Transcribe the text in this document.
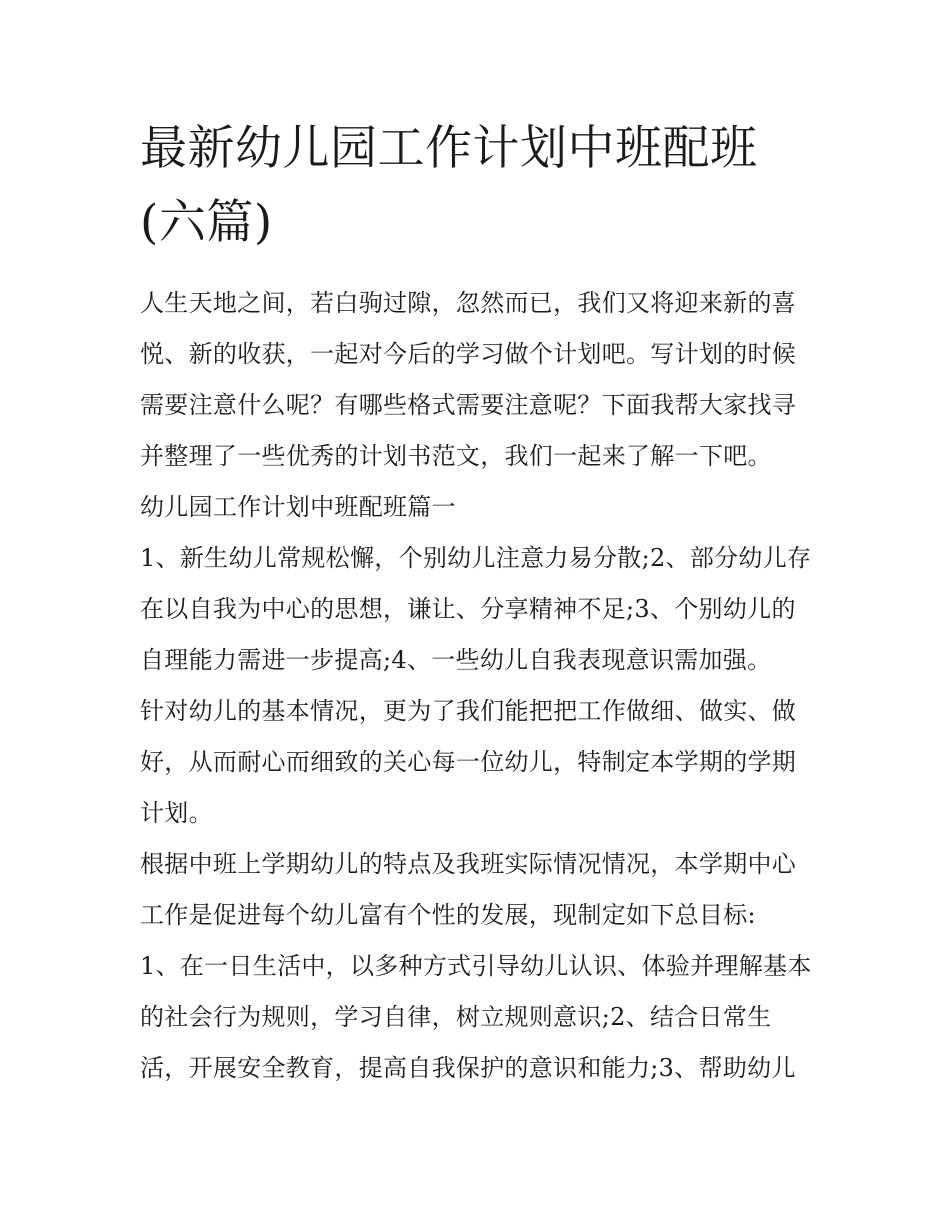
最新幼儿园工作计划中班配班(六篇)

人生天地之间，若白驹过隙，忽然而已，我们又将迎来新的喜悦、新的收获，一起对今后的学习做个计划吧。写计划的时候需要注意什么呢？有哪些格式需要注意呢？下面我帮大家找寻并整理了一些优秀的计划书范文，我们一起来了解一下吧。

幼儿园工作计划中班配班篇一

1、新生幼儿常规松懈，个别幼儿注意力易分散;2、部分幼儿存在以自我为中心的思想，谦让、分享精神不足;3、个别幼儿的自理能力需进一步提高;4、一些幼儿自我表现意识需加强。

针对幼儿的基本情况，更为了我们能把把工作做细、做实、做好，从而耐心而细致的关心每一位幼儿，特制定本学期的学期计划。

根据中班上学期幼儿的特点及我班实际情况情况，本学期中心工作是促进每个幼儿富有个性的发展，现制定如下总目标:

1、在一日生活中，以多种方式引导幼儿认识、体验并理解基本的社会行为规则，学习自律，树立规则意识;2、结合日常生活，开展安全教育，提高自我保护的意识和能力;3、帮助幼儿
